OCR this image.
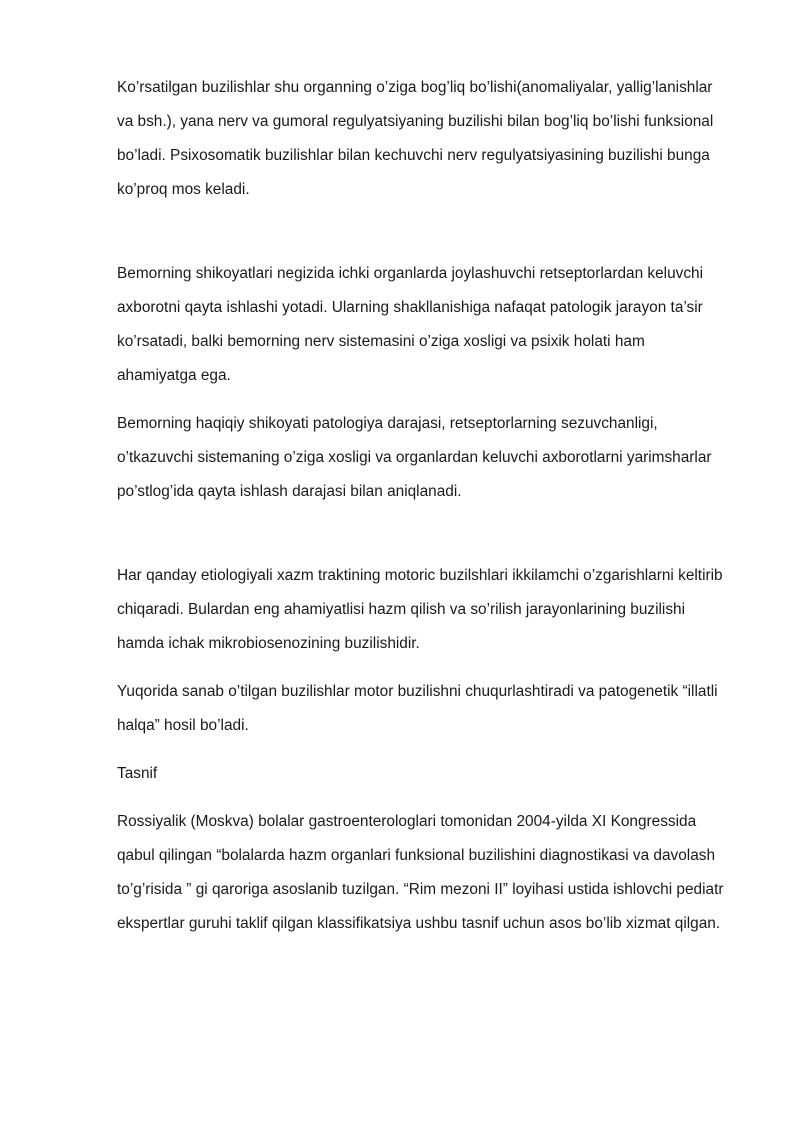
Ko’rsatilgan buzilishlar shu organning o’ziga bog’liq bo’lishi(anomaliyalar, yallig’lanishlar va bsh.), yana nerv va gumoral regulyatsiyaning buzilishi bilan bog’liq bo’lishi funksional bo’ladi. Psixosomatik buzilishlar bilan kechuvchi nerv regulyatsiyasining buzilishi bunga ko’proq mos keladi.

Bemorning shikoyatlari negizida ichki organlarda joylashuvchi retseptorlardan keluvchi axborotni qayta ishlashi yotadi. Ularning shakllanishiga nafaqat patologik jarayon ta’sir ko’rsatadi, balki bemorning nerv sistemasini o’ziga xosligi va psixik holati ham ahamiyatga ega.

Bemorning haqiqiy shikoyati patologiya darajasi, retseptorlarning sezuvchanligi, o’tkazuvchi sistemaning o’ziga xosligi va organlardan keluvchi axborotlarni yarimsharlar po’stlog’ida qayta ishlash darajasi bilan aniqlanadi.

Har qanday etiologiyali xazm traktining motoric buzilshlari ikkilamchi o’zgarishlarni keltirib chiqaradi. Bulardan eng ahamiyatlisi hazm qilish va so’rilish jarayonlarining buzilishi hamda ichak mikrobiosenozining buzilishidir.

Yuqorida sanab o’tilgan buzilishlar motor buzilishni chuqurlashtiradi va patogenetik “illatli halqa” hosil bo’ladi.

Tasnif

Rossiyalik (Moskva) bolalar gastroenterologlari tomonidan 2004-yilda XI Kongressida qabul qilingan “bolalarda hazm organlari funksional buzilishini diagnostikasi va davolash to’g’risida ” gi qaroriga asoslanib tuzilgan. “Rim mezoni II” loyihasi ustida ishlovchi pediatr ekspertlar guruhi taklif qilgan klassifikatsiya ushbu tasnif uchun asos bo’lib xizmat qilgan.
